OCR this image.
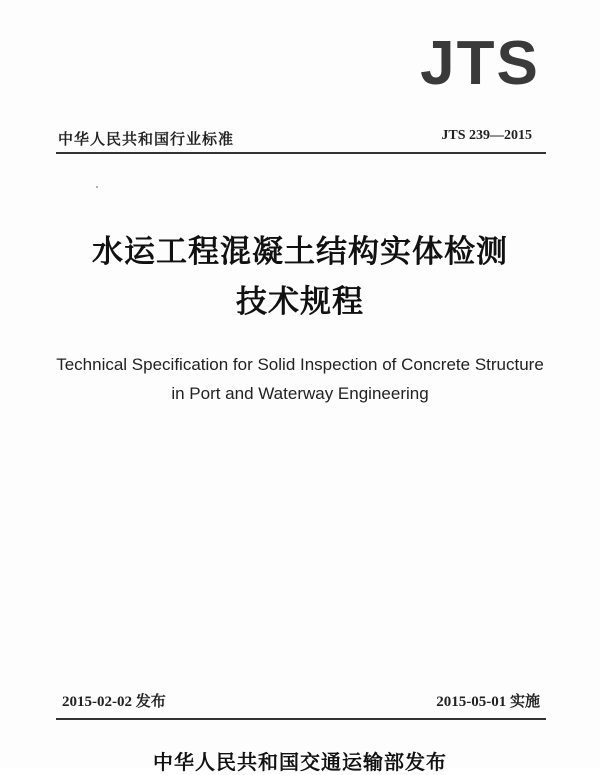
JTS
中华人民共和国行业标准	JTS 239—2015
水运工程混凝土结构实体检测
技术规程
Technical Specification for Solid Inspection of Concrete Structure
in Port and Waterway Engineering
2015-02-02 发布	2015-05-01 实施
中华人民共和国交通运输部发布
